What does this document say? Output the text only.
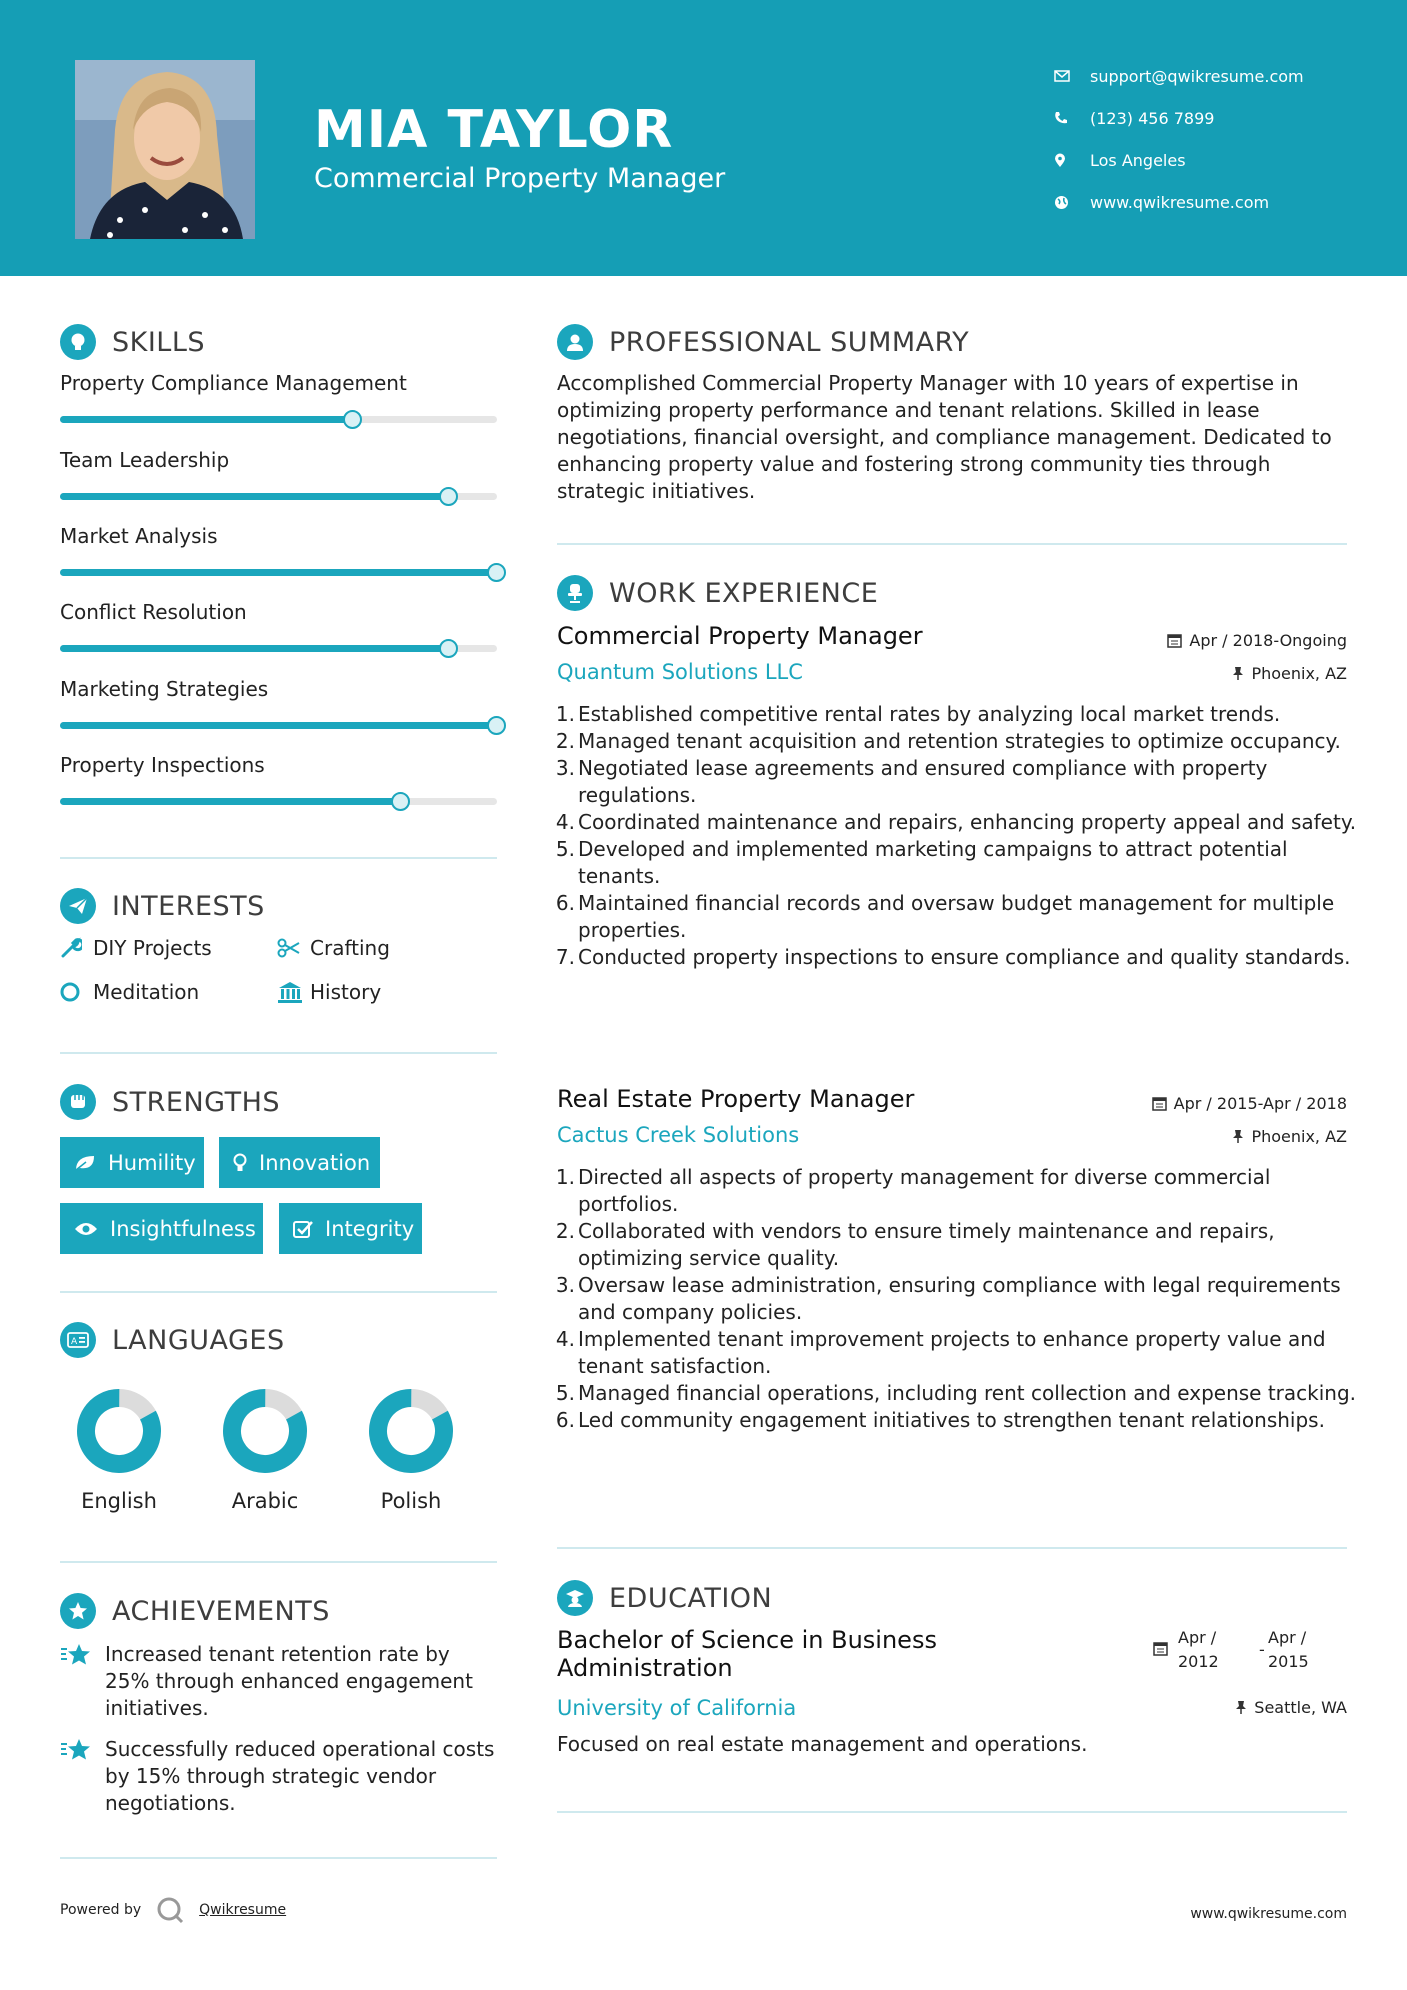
MIA TAYLOR
Commercial Property Manager
support@qwikresume.com
(123) 456 7899
Los Angeles
www.qwikresume.com
SKILLS
Property Compliance Management
Team Leadership
Market Analysis
Conflict Resolution
Marketing Strategies
Property Inspections
INTERESTS
DIY Projects	Crafting
Meditation	History
STRENGTHS
Humility	Innovation
Insightfulness	Integrity
A LANGUAGES
English	Arabic	Polish
ACHIEVEMENTS
Increased tenant retention rate by 25% through enhanced engagement initiatives.
Successfully reduced operational costs by 15% through strategic vendor negotiations.
PROFESSIONAL SUMMARY
Accomplished Commercial Property Manager with 10 years of expertise in optimizing property performance and tenant relations. Skilled in lease negotiations, financial oversight, and compliance management. Dedicated to enhancing property value and fostering strong community ties through strategic initiatives.
WORK EXPERIENCE
Commercial Property Manager
Quantum Solutions LLC
Apr / 2018-Ongoing
Phoenix, AZ
1. Established competitive rental rates by analyzing local market trends.
2. Managed tenant acquisition and retention strategies to optimize occupancy.
3. Negotiated lease agreements and ensured compliance with property regulations.
4. Coordinated maintenance and repairs, enhancing property appeal and safety.
5. Developed and implemented marketing campaigns to attract potential tenants.
6. Maintained financial records and oversaw budget management for multiple properties.
7. Conducted property inspections to ensure compliance and quality standards.
Real Estate Property Manager
Cactus Creek Solutions
Apr / 2015-Apr / 2018
Phoenix, AZ
1. Directed all aspects of property management for diverse commercial portfolios.
2. Collaborated with vendors to ensure timely maintenance and repairs, optimizing service quality.
3. Oversaw lease administration, ensuring compliance with legal requirements and company policies.
4. Implemented tenant improvement projects to enhance property value and tenant satisfaction.
5. Managed financial operations, including rent collection and expense tracking.
6. Led community engagement initiatives to strengthen tenant relationships.
EDUCATION
Bachelor of Science in Business
Administration
University of California
Apr /
2012
-
Apr /
2015
Seattle, WA
Focused on real estate management and operations.
Powered by	Qwikresume	www.qwikresume.com
